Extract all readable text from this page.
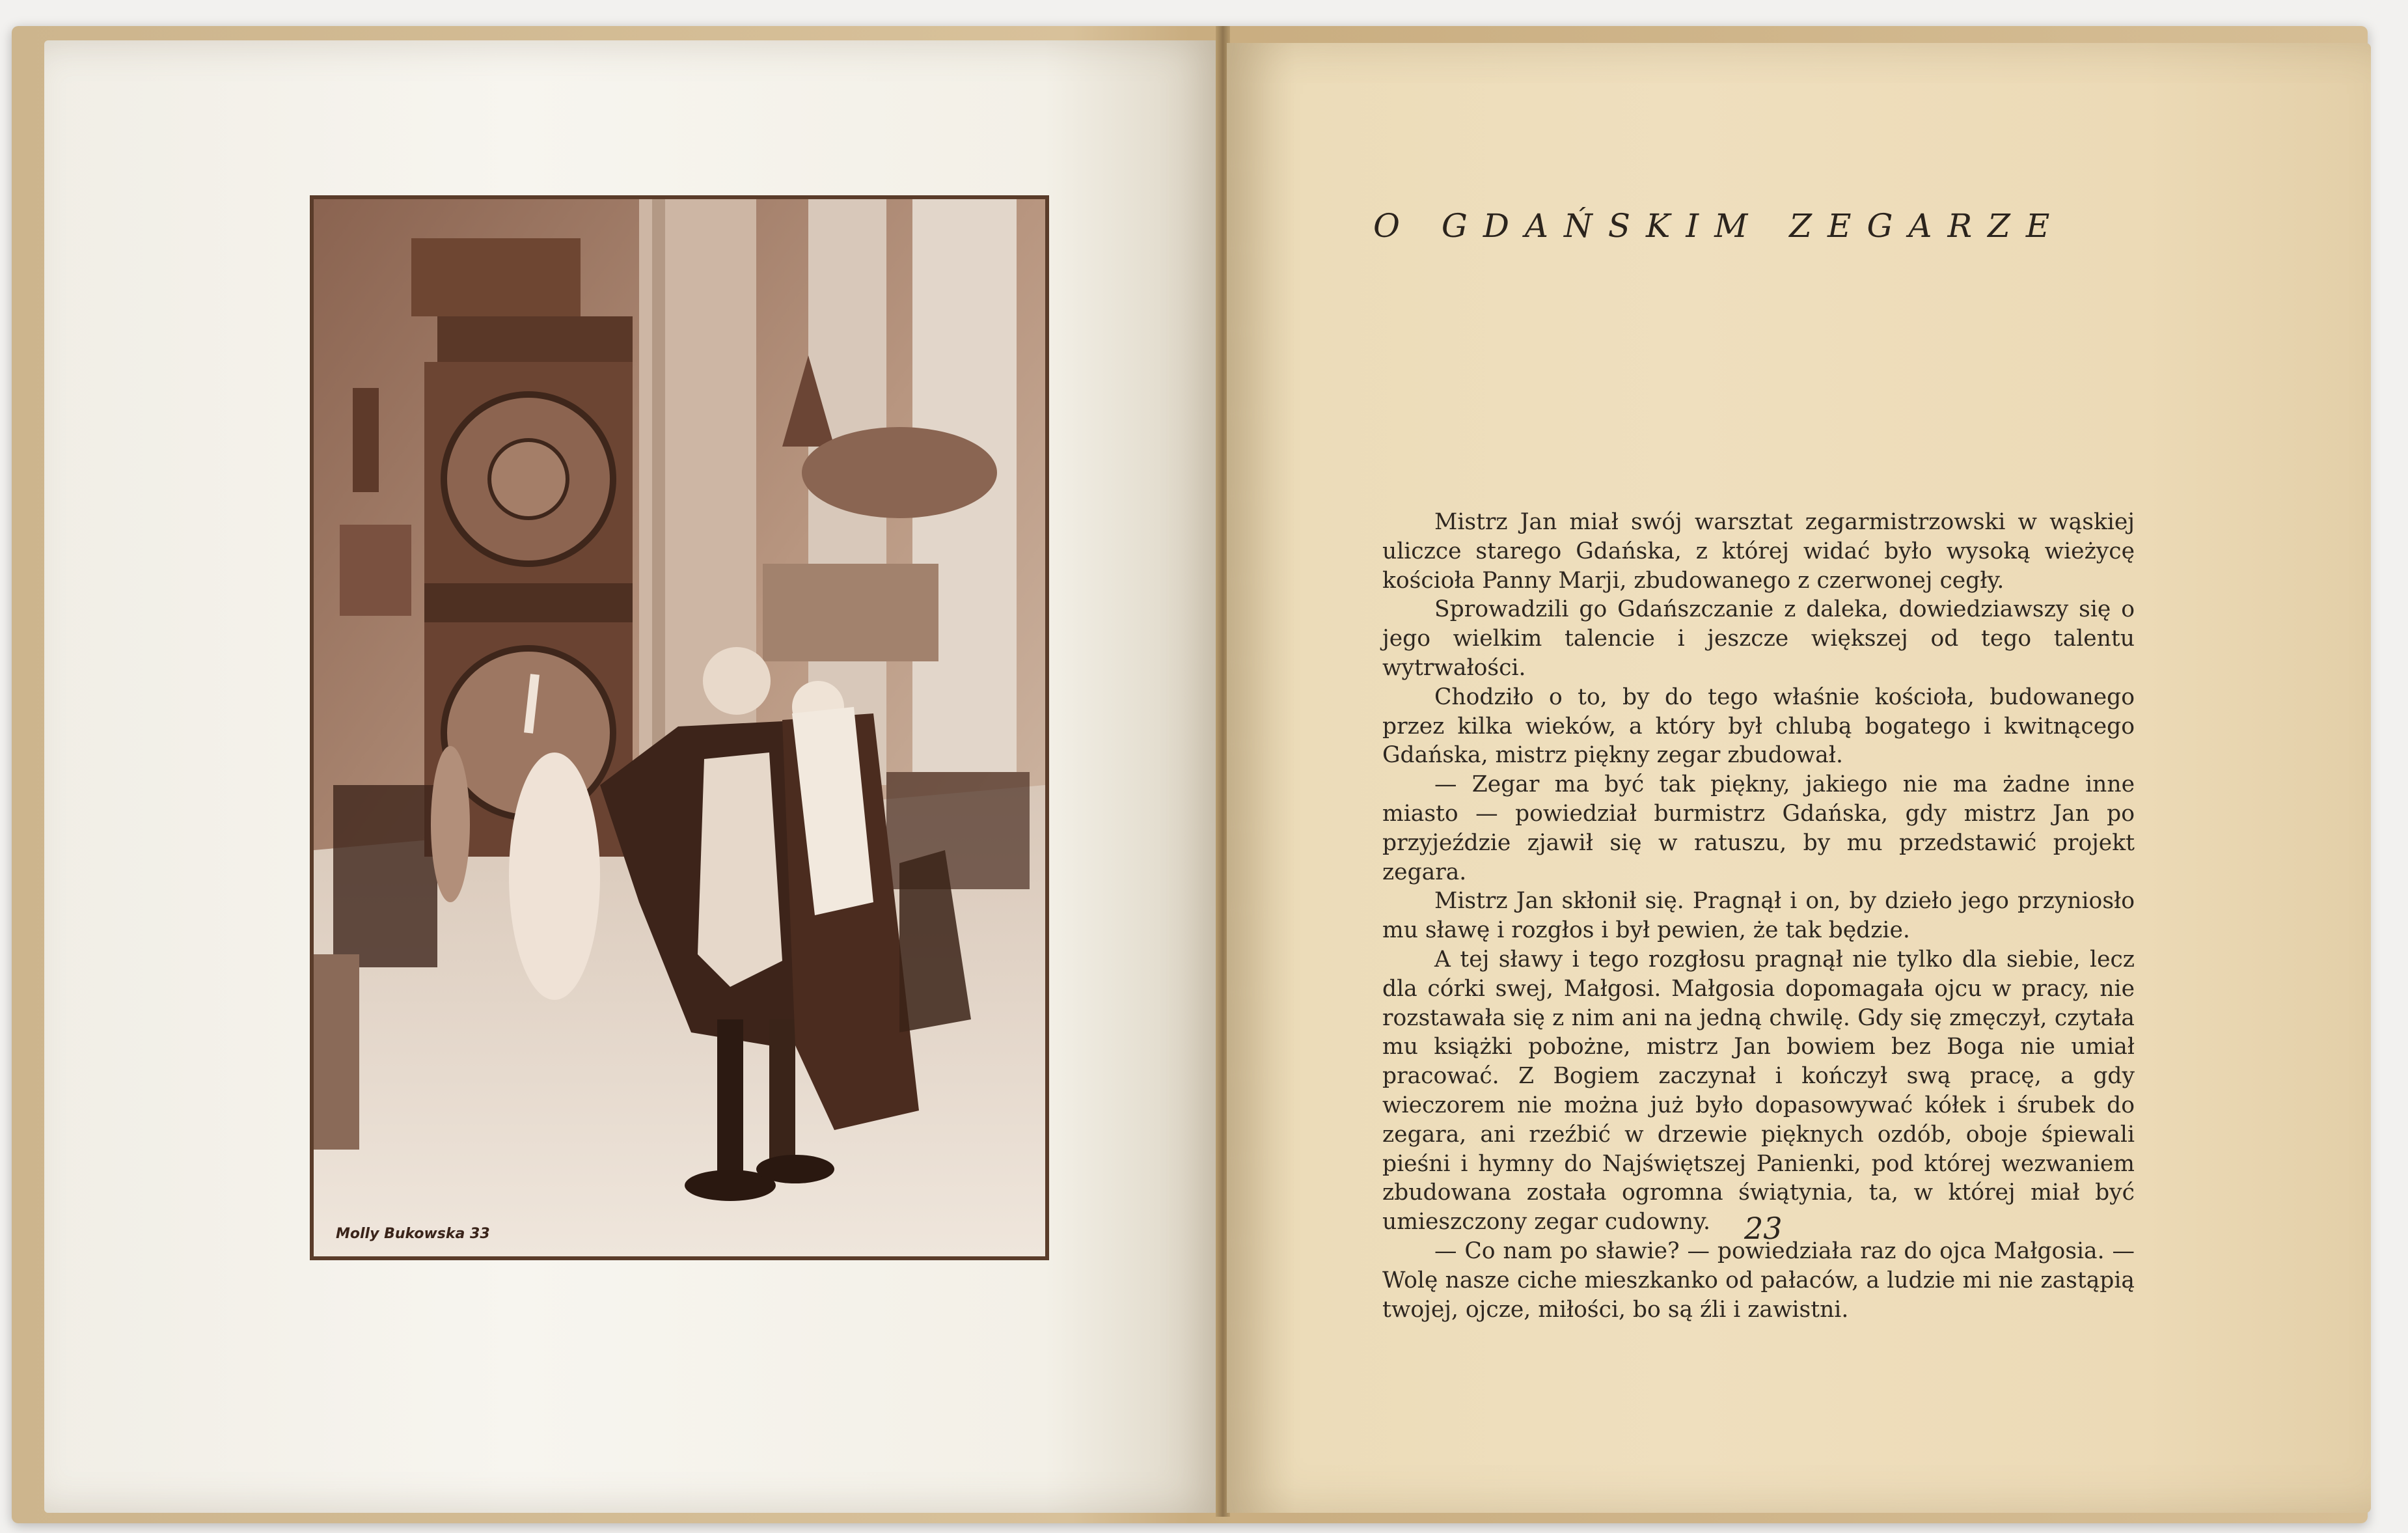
Molly Bukowska 33
O GDAŃSKIM ZEGARZE

Mistrz Jan miał swój warsztat zegarmistrzowski w wąskiej uliczce starego Gdańska, z której widać było wysoką wieżycę kościoła Panny Marji, zbudowanego z czerwonej cegły.

Sprowadzili go Gdańszczanie z daleka, dowiedziawszy się o jego wielkim talencie i jeszcze większej od tego talentu wytrwałości.

Chodziło o to, by do tego właśnie kościoła, budowanego przez kilka wieków, a który był chlubą bogatego i kwitnącego Gdańska, mistrz piękny zegar zbudował.

— Zegar ma być tak piękny, jakiego nie ma żadne inne miasto — powiedział burmistrz Gdańska, gdy mistrz Jan po przyjeździe zjawił się w ratuszu, by mu przedstawić projekt zegara.

Mistrz Jan skłonił się. Pragnął i on, by dzieło jego przyniosło mu sławę i rozgłos i był pewien, że tak będzie.

A tej sławy i tego rozgłosu pragnął nie tylko dla siebie, lecz dla córki swej, Małgosi. Małgosia dopomagała ojcu w pracy, nie rozstawała się z nim ani na jedną chwilę. Gdy się zmęczył, czytała mu książki pobożne, mistrz Jan bowiem bez Boga nie umiał pracować. Z Bogiem zaczynał i kończył swą pracę, a gdy wieczorem nie można już było dopasowywać kółek i śrubek do zegara, ani rzeźbić w drzewie pięknych ozdób, oboje śpiewali pieśni i hymny do Najświętszej Panienki, pod której wezwaniem zbudowana została ogromna świątynia, ta, w której miał być umieszczony zegar cudowny.

— Co nam po sławie? — powiedziała raz do ojca Małgosia. — Wolę nasze ciche mieszkanko od pałaców, a ludzie mi nie zastąpią twojej, ojcze, miłości, bo są źli i zawistni.

23
